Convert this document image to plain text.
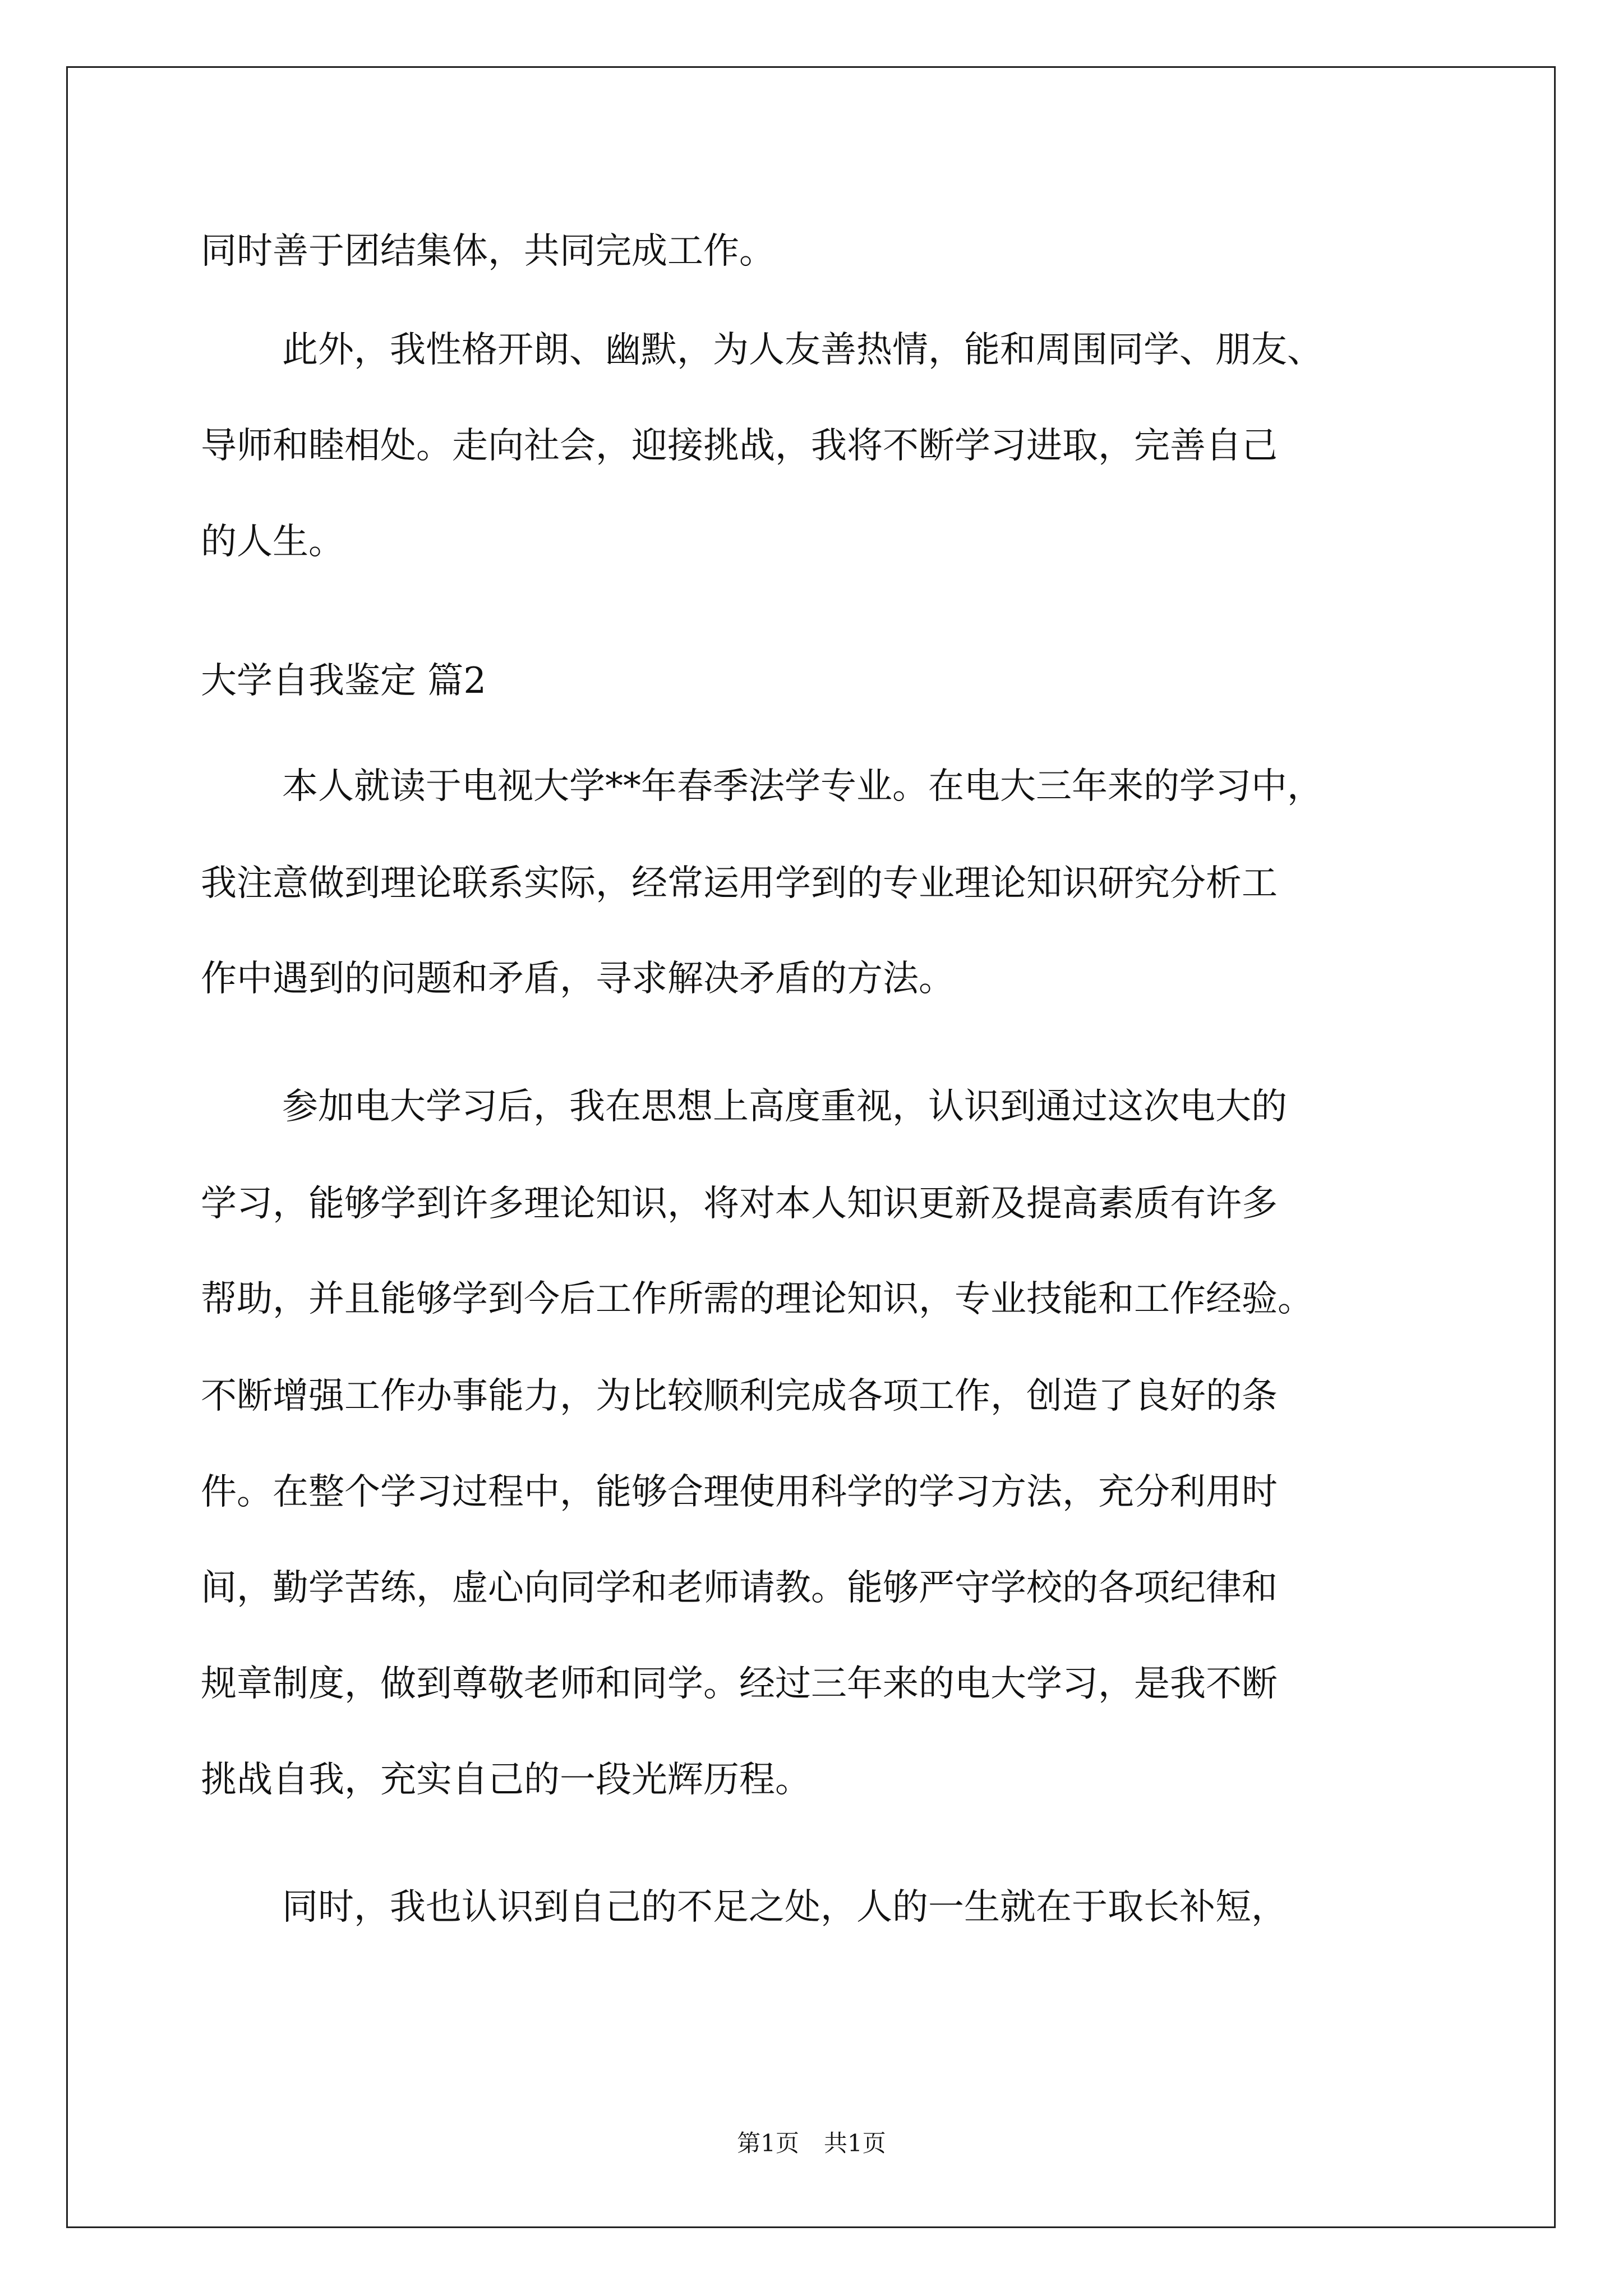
同时善于团结集体，共同完成工作。
此外，我性格开朗、幽默，为人友善热情，能和周围同学、朋友、
导师和睦相处。走向社会，迎接挑战，我将不断学习进取，完善自己
的人生。
大学自我鉴定 篇2
本人就读于电视大学**年春季法学专业。在电大三年来的学习中，
我注意做到理论联系实际，经常运用学到的专业理论知识研究分析工
作中遇到的问题和矛盾，寻求解决矛盾的方法。
参加电大学习后，我在思想上高度重视，认识到通过这次电大的
学习，能够学到许多理论知识，将对本人知识更新及提高素质有许多
帮助，并且能够学到今后工作所需的理论知识，专业技能和工作经验。
不断增强工作办事能力，为比较顺利完成各项工作，创造了良好的条
件。在整个学习过程中，能够合理使用科学的学习方法，充分利用时
间，勤学苦练，虚心向同学和老师请教。能够严守学校的各项纪律和
规章制度，做到尊敬老师和同学。经过三年来的电大学习，是我不断
挑战自我，充实自己的一段光辉历程。
同时，我也认识到自己的不足之处，人的一生就在于取长补短，
第1页 共1页
